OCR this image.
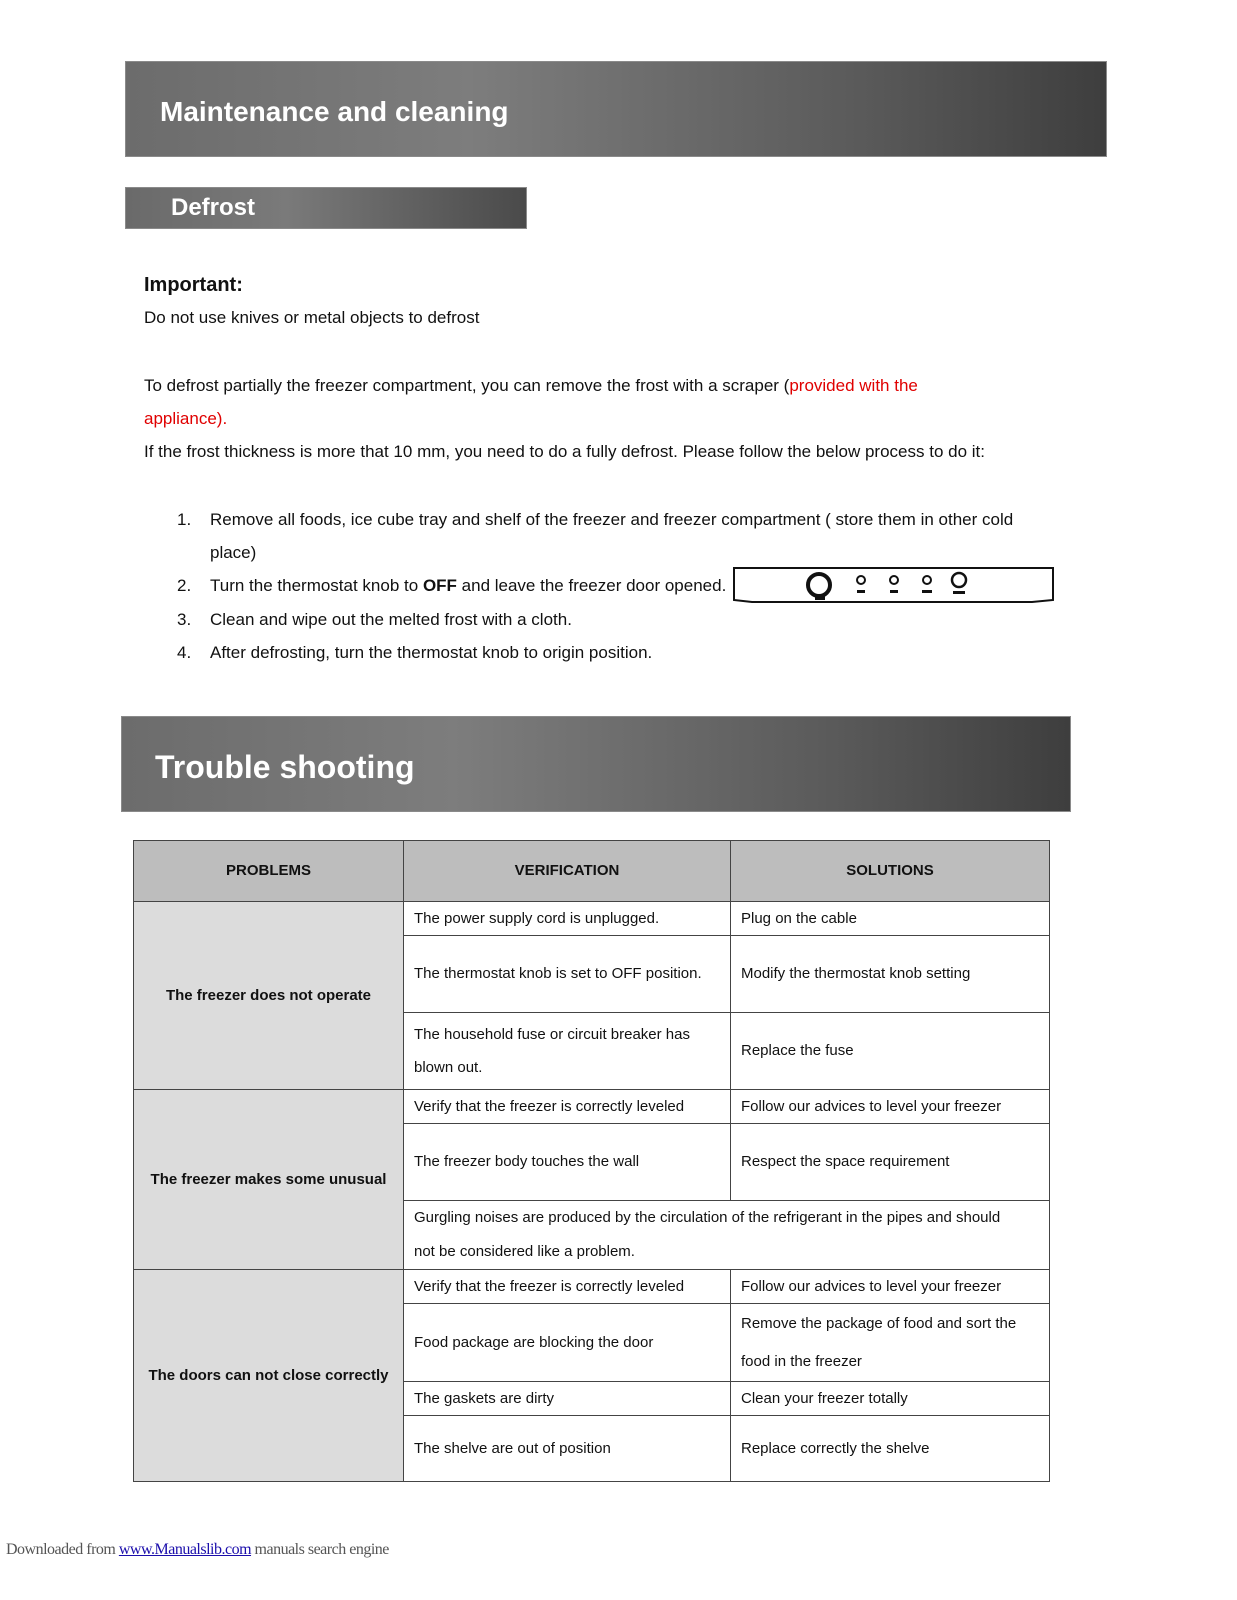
Maintenance and cleaning
Defrost
Important:
Do not use knives or metal objects to defrost
To defrost partially the freezer compartment, you can remove the frost with a scraper (provided with the
appliance).
If the frost thickness is more that 10 mm, you need to do a fully defrost. Please follow the below process to do it:
1. Remove all foods, ice cube tray and shelf of the freezer and freezer compartment ( store them in other cold
place)
2. Turn the thermostat knob to OFF and leave the freezer door opened.
3. Clean and wipe out the melted frost with a cloth.
4. After defrosting, turn the thermostat knob to origin position.
Trouble shooting
PROBLEMS	VERIFICATION	SOLUTIONS
The freezer does not operate	The power supply cord is unplugged.	Plug on the cable
	The thermostat knob is set to OFF position.	Modify the thermostat knob setting
	The household fuse or circuit breaker has
blown out.	Replace the fuse
The freezer makes some unusual	Verify that the freezer is correctly leveled	Follow our advices to level your freezer
	The freezer body touches the wall	Respect the space requirement
	Gurgling noises are produced by the circulation of the refrigerant in the pipes and should
not be considered like a problem.	
The doors can not close correctly	Verify that the freezer is correctly leveled	Follow our advices to level your freezer
	Food package are blocking the door	Remove the package of food and sort the
food in the freezer
	The gaskets are dirty	Clean your freezer totally
	The shelve are out of position	Replace correctly the shelve
Downloaded from www.Manualslib.com manuals search engine
